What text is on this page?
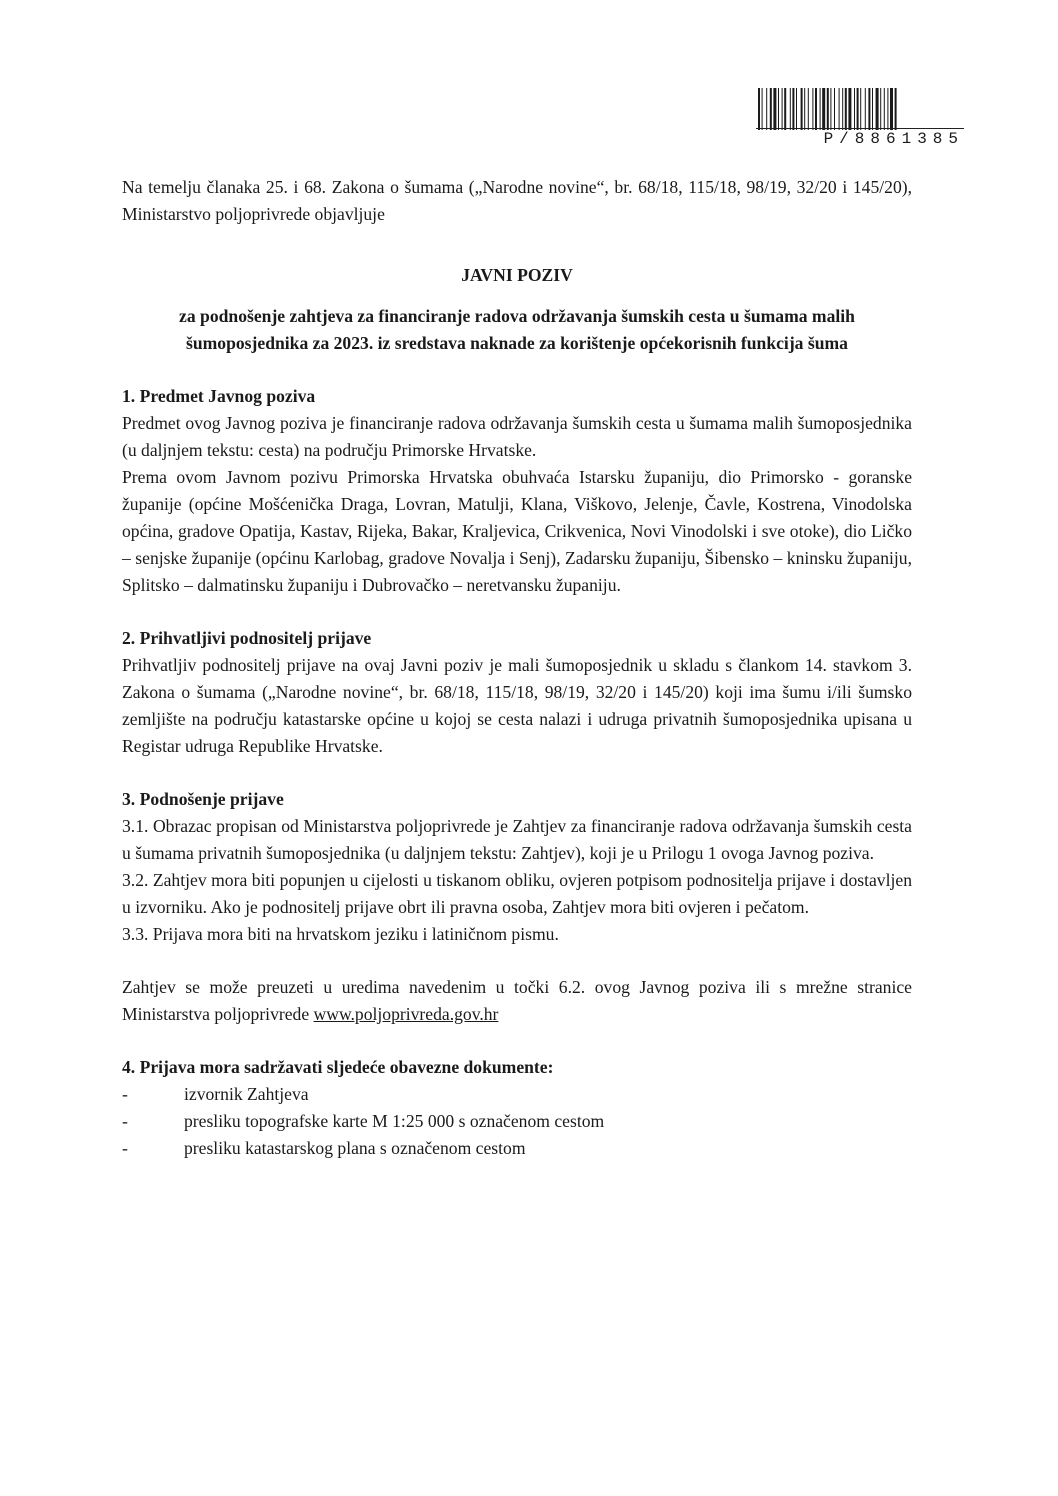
P/8861385

Na temelju članaka 25. i 68. Zakona o šumama („Narodne novine“, br. 68/18, 115/18, 98/19, 32/20 i 145/20), Ministarstvo poljoprivrede objavljuje

JAVNI POZIV

za podnošenje zahtjeva za financiranje radova održavanja šumskih cesta u šumama malih šumoposjednika za 2023. iz sredstava naknade za korištenje općekorisnih funkcija šuma

1. Predmet Javnog poziva

Predmet ovog Javnog poziva je financiranje radova održavanja šumskih cesta u šumama malih šumoposjednika (u daljnjem tekstu: cesta) na području Primorske Hrvatske.

Prema ovom Javnom pozivu Primorska Hrvatska obuhvaća Istarsku županiju, dio Primorsko - goranske županije (općine Mošćenička Draga, Lovran, Matulji, Klana, Viškovo, Jelenje, Čavle, Kostrena, Vinodolska općina, gradove Opatija, Kastav, Rijeka, Bakar, Kraljevica, Crikvenica, Novi Vinodolski i sve otoke), dio Ličko – senjske županije (općinu Karlobag, gradove Novalja i Senj), Zadarsku županiju, Šibensko – kninsku županiju, Splitsko – dalmatinsku županiju i Dubrovačko – neretvansku županiju.

2. Prihvatljivi podnositelj prijave

Prihvatljiv podnositelj prijave na ovaj Javni poziv je mali šumoposjednik u skladu s člankom 14. stavkom 3. Zakona o šumama („Narodne novine“, br. 68/18, 115/18, 98/19, 32/20 i 145/20) koji ima šumu i/ili šumsko zemljište na području katastarske općine u kojoj se cesta nalazi i udruga privatnih šumoposjednika upisana u Registar udruga Republike Hrvatske.

3. Podnošenje prijave

3.1. Obrazac propisan od Ministarstva poljoprivrede je Zahtjev za financiranje radova održavanja šumskih cesta u šumama privatnih šumoposjednika (u daljnjem tekstu: Zahtjev), koji je u Prilogu 1 ovoga Javnog poziva.

3.2. Zahtjev mora biti popunjen u cijelosti u tiskanom obliku, ovjeren potpisom podnositelja prijave i dostavljen u izvorniku. Ako je podnositelj prijave obrt ili pravna osoba, Zahtjev mora biti ovjeren i pečatom.

3.3. Prijava mora biti na hrvatskom jeziku i latiničnom pismu.

Zahtjev se može preuzeti u uredima navedenim u točki 6.2. ovog Javnog poziva ili s mrežne stranice Ministarstva poljoprivrede www.poljoprivreda.gov.hr

4. Prijava mora sadržavati sljedeće obavezne dokumente:
-	izvornik Zahtjeva
-	presliku topografske karte M 1:25 000 s označenom cestom
-	presliku katastarskog plana s označenom cestom
